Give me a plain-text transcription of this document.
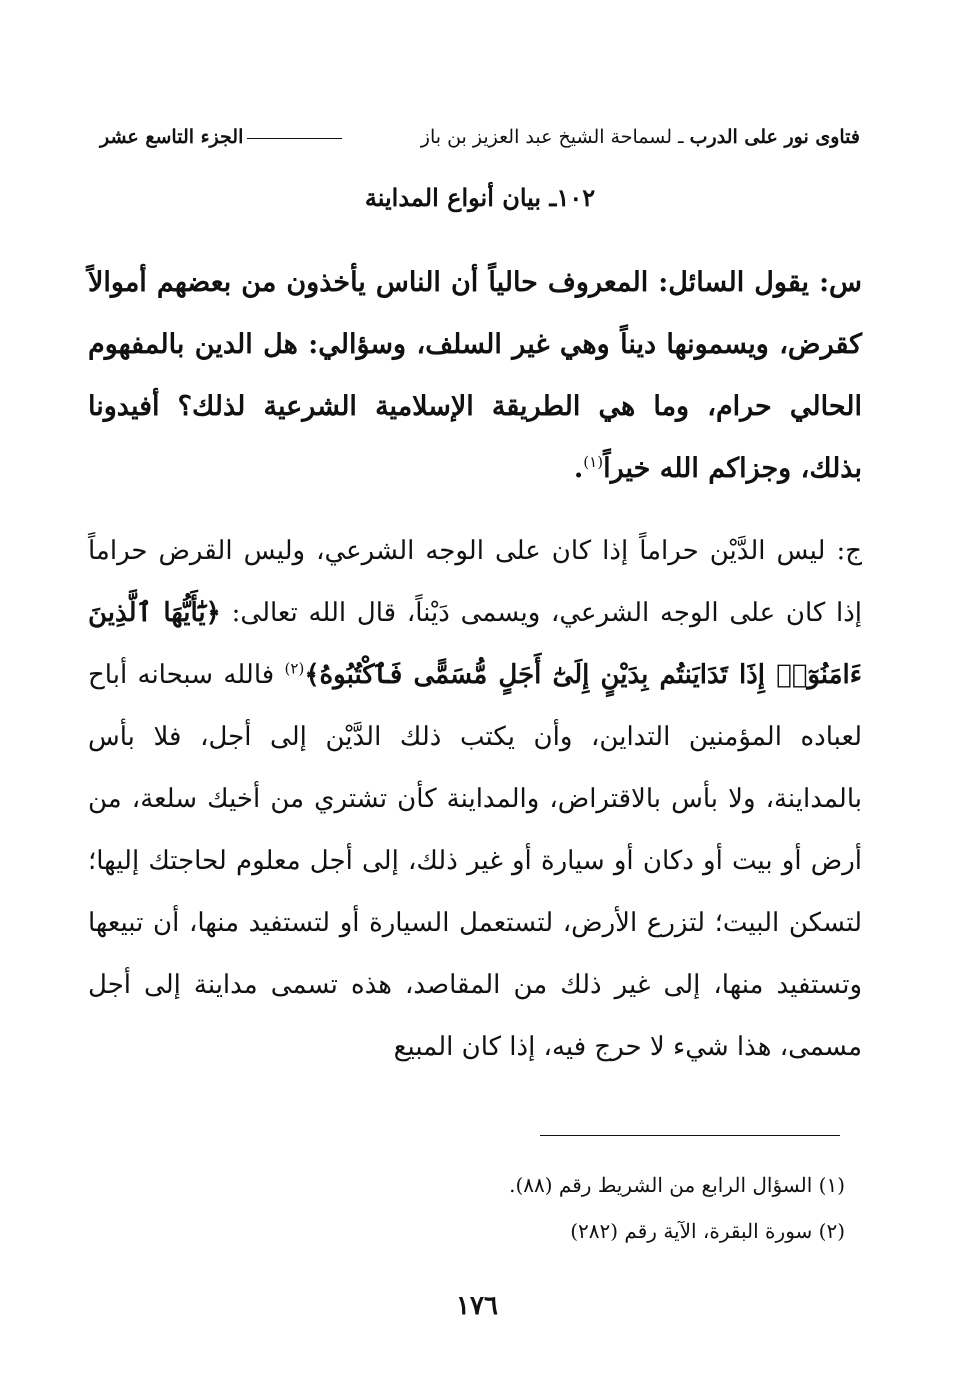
فتاوى نور على الدرب ـ لسماحة الشيخ عبد العزيز بن باز
الجزء التاسع عشر
١٠٢ـ بيان أنواع المداينة

س: يقول السائل: المعروف حالياً أن الناس يأخذون من بعضهم أموالاً كقرض، ويسمونها ديناً وهي غير السلف، وسؤالي: هل الدين بالمفهوم الحالي حرام، وما هي الطريقة الإسلامية الشرعية لذلك؟ أفيدونا بذلك، وجزاكم الله خيراً$^{(١)}$.

ج: ليس الدَّيْن حراماً إذا كان على الوجه الشرعي، وليس القرض حراماً إذا كان على الوجه الشرعي، ويسمى دَيْناً، قال الله تعالى: ﴿يَٰٓأَيُّهَا ٱلَّذِينَ ءَامَنُوٓا۟ إِذَا تَدَايَنتُم بِدَيْنٍ إِلَىٰٓ أَجَلٍ مُّسَمًّى فَٱكْتُبُوهُ﴾$^{(٢)}$ فالله سبحانه أباح لعباده المؤمنين التداين، وأن يكتب ذلك الدَّيْن إلى أجل، فلا بأس بالمداينة، ولا بأس بالاقتراض، والمداينة كأن تشتري من أخيك سلعة، من أرض أو بيت أو دكان أو سيارة أو غير ذلك، إلى أجل معلوم لحاجتك إليها؛ لتسكن البيت؛ لتزرع الأرض، لتستعمل السيارة أو لتستفيد منها، أن تبيعها وتستفيد منها، إلى غير ذلك من المقاصد، هذه تسمى مداينة إلى أجل مسمى، هذا شيء لا حرج فيه، إذا كان المبيع

(١) السؤال الرابع من الشريط رقم (٨٨).
(٢) سورة البقرة، الآية رقم (٢٨٢)
١٧٦
